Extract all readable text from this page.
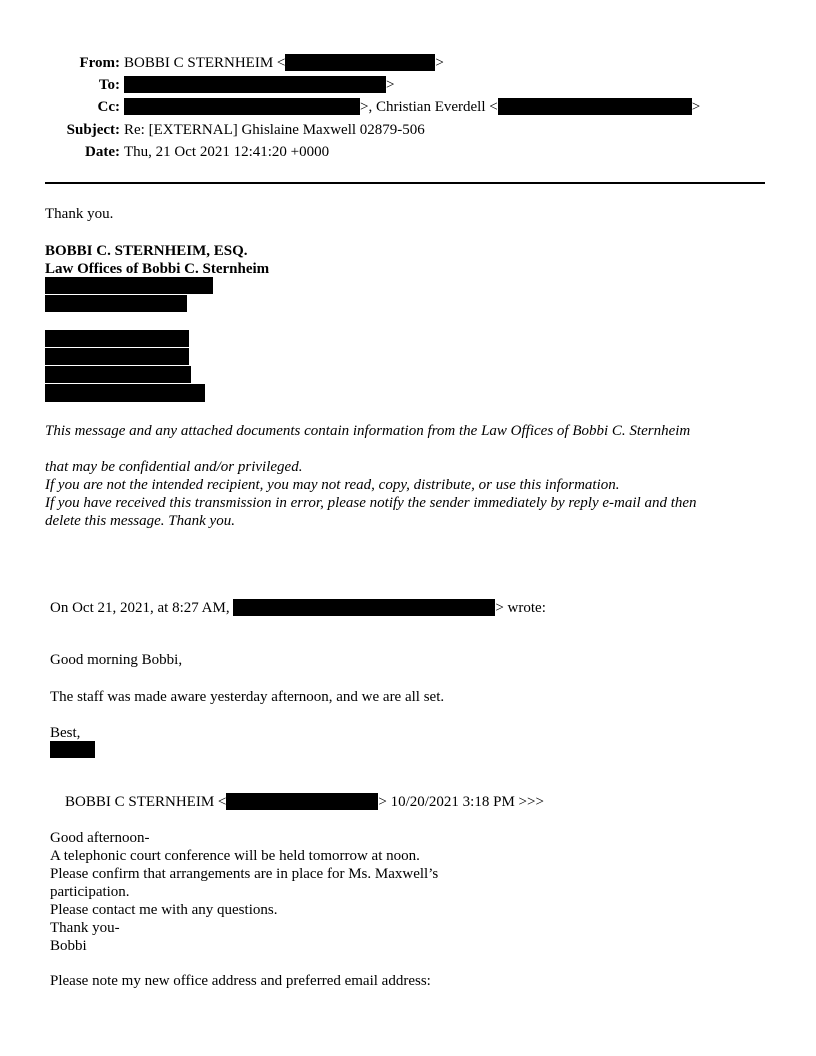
From: BOBBI C STERNHEIM <	>
To:	>
Cc:	>, Christian Everdell <	>
Subject: Re: [EXTERNAL] Ghislaine Maxwell 02879-506
Date: Thu, 21 Oct 2021 12:41:20 +0000
Thank you.
BOBBI C. STERNHEIM, ESQ.
Law Offices of Bobbi C. Sternheim
This message and any attached documents contain information from the Law Offices of Bobbi C. Sternheim
that may be confidential and/or privileged.
If you are not the intended recipient, you may not read, copy, distribute, or use this information.
If you have received this transmission in error, please notify the sender immediately by reply e-mail and then
delete this message. Thank you.
On Oct 21, 2021, at 8:27 AM,	> wrote:
Good morning Bobbi,
The staff was made aware yesterday afternoon, and we are all set.
Best,
BOBBI C STERNHEIM <	> 10/20/2021 3:18 PM >>>
Good afternoon-
A telephonic court conference will be held tomorrow at noon.
Please confirm that arrangements are in place for Ms. Maxwell’s
participation.
Please contact me with any questions.
Thank you-
Bobbi
Please note my new office address and preferred email address:
